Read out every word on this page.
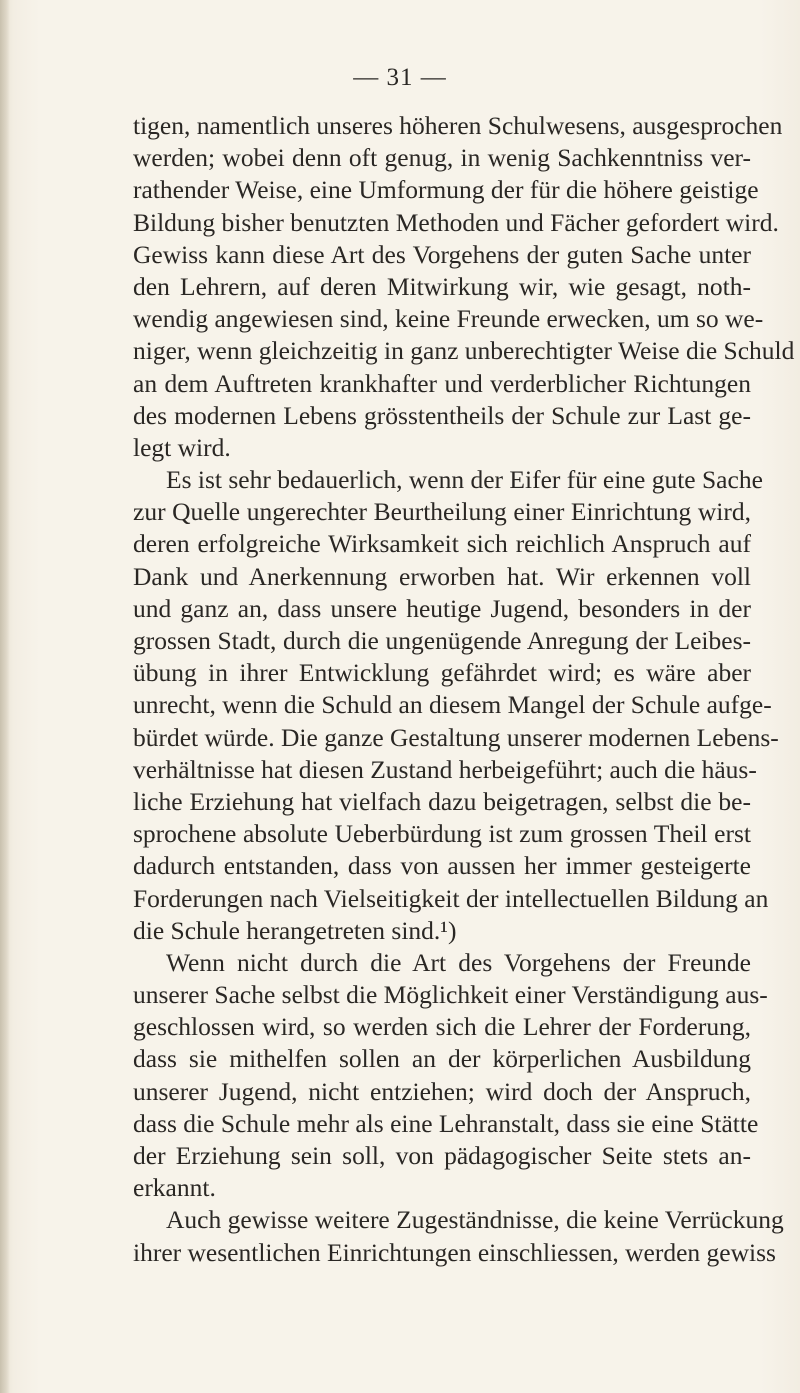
— 31 —
tigen, namentlich unseres höheren Schulwesens, ausgesprochen
werden; wobei denn oft genug, in wenig Sachkenntniss ver-
rathender Weise, eine Umformung der für die höhere geistige
Bildung bisher benutzten Methoden und Fächer gefordert wird.
Gewiss kann diese Art des Vorgehens der guten Sache unter
den Lehrern, auf deren Mitwirkung wir, wie gesagt, noth-
wendig angewiesen sind, keine Freunde erwecken, um so we-
niger, wenn gleichzeitig in ganz unberechtigter Weise die Schuld
an dem Auftreten krankhafter und verderblicher Richtungen
des modernen Lebens grösstentheils der Schule zur Last ge-
legt wird.
Es ist sehr bedauerlich, wenn der Eifer für eine gute Sache
zur Quelle ungerechter Beurtheilung einer Einrichtung wird,
deren erfolgreiche Wirksamkeit sich reichlich Anspruch auf
Dank und Anerkennung erworben hat. Wir erkennen voll
und ganz an, dass unsere heutige Jugend, besonders in der
grossen Stadt, durch die ungenügende Anregung der Leibes-
übung in ihrer Entwicklung gefährdet wird; es wäre aber
unrecht, wenn die Schuld an diesem Mangel der Schule aufge-
bürdet würde. Die ganze Gestaltung unserer modernen Lebens-
verhältnisse hat diesen Zustand herbeigeführt; auch die häus-
liche Erziehung hat vielfach dazu beigetragen, selbst die be-
sprochene absolute Ueberbürdung ist zum grossen Theil erst
dadurch entstanden, dass von aussen her immer gesteigerte
Forderungen nach Vielseitigkeit der intellectuellen Bildung an
die Schule herangetreten sind.¹)
Wenn nicht durch die Art des Vorgehens der Freunde
unserer Sache selbst die Möglichkeit einer Verständigung aus-
geschlossen wird, so werden sich die Lehrer der Forderung,
dass sie mithelfen sollen an der körperlichen Ausbildung
unserer Jugend, nicht entziehen; wird doch der Anspruch,
dass die Schule mehr als eine Lehranstalt, dass sie eine Stätte
der Erziehung sein soll, von pädagogischer Seite stets an-
erkannt.
Auch gewisse weitere Zugeständnisse, die keine Verrückung
ihrer wesentlichen Einrichtungen einschliessen, werden gewiss
